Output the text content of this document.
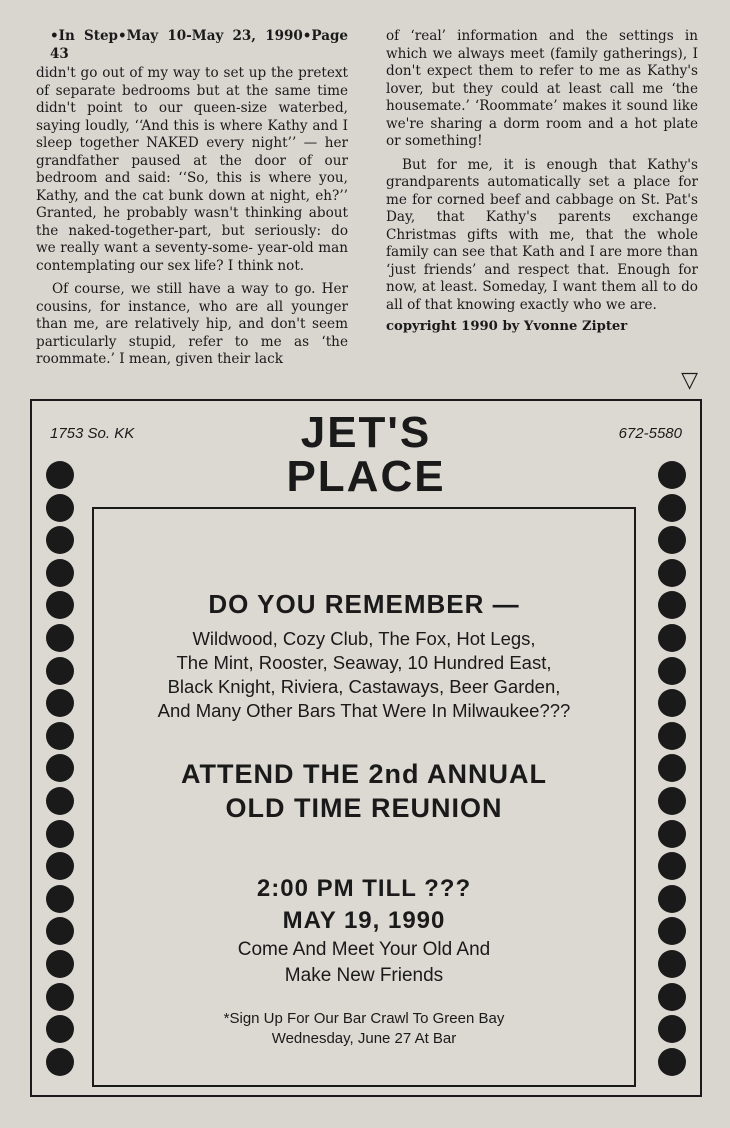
•In Step•May 10-May 23, 1990•Page 43

didn't go out of my way to set up the pretext of separate bedrooms but at the same time didn't point to our queen-size waterbed, saying loudly, ‘‘And this is where Kathy and I sleep together NAKED every night’’ — her grandfather paused at the door of our bedroom and said: ‘‘So, this is where you, Kathy, and the cat bunk down at night, eh?’’ Granted, he probably wasn't thinking about the naked-together-part, but seriously: do we really want a seventy-some- year-old man contemplating our sex life? I think not.

Of course, we still have a way to go. Her cousins, for instance, who are all younger than me, are relatively hip, and don't seem particularly stupid, refer to me as ‘the roommate.’ I mean, given their lack

of ‘real’ information and the settings in which we always meet (family gatherings), I don't expect them to refer to me as Kathy's lover, but they could at least call me ‘the housemate.’ ‘Roommate’ makes it sound like we're sharing a dorm room and a hot plate or something!

But for me, it is enough that Kathy's grandparents automatically set a place for me for corned beef and cabbage on St. Pat's Day, that Kathy's parents exchange Christmas gifts with me, that the whole family can see that Kath and I are more than ‘just friends’ and respect that. Enough for now, at least. Someday, I want them all to do all of that knowing exactly who we are.

copyright 1990 by Yvonne Zipter
▽
1753 So. KK	672-5580
JET'S
PLACE
DO YOU REMEMBER —
Wildwood, Cozy Club, The Fox, Hot Legs,
The Mint, Rooster, Seaway, 10 Hundred East,
Black Knight, Riviera, Castaways, Beer Garden,
And Many Other Bars That Were In Milwaukee???
ATTEND THE 2nd ANNUAL
OLD TIME REUNION
2:00 PM TILL ???
MAY 19, 1990
Come And Meet Your Old And
Make New Friends
*Sign Up For Our Bar Crawl To Green Bay
Wednesday, June 27 At Bar
